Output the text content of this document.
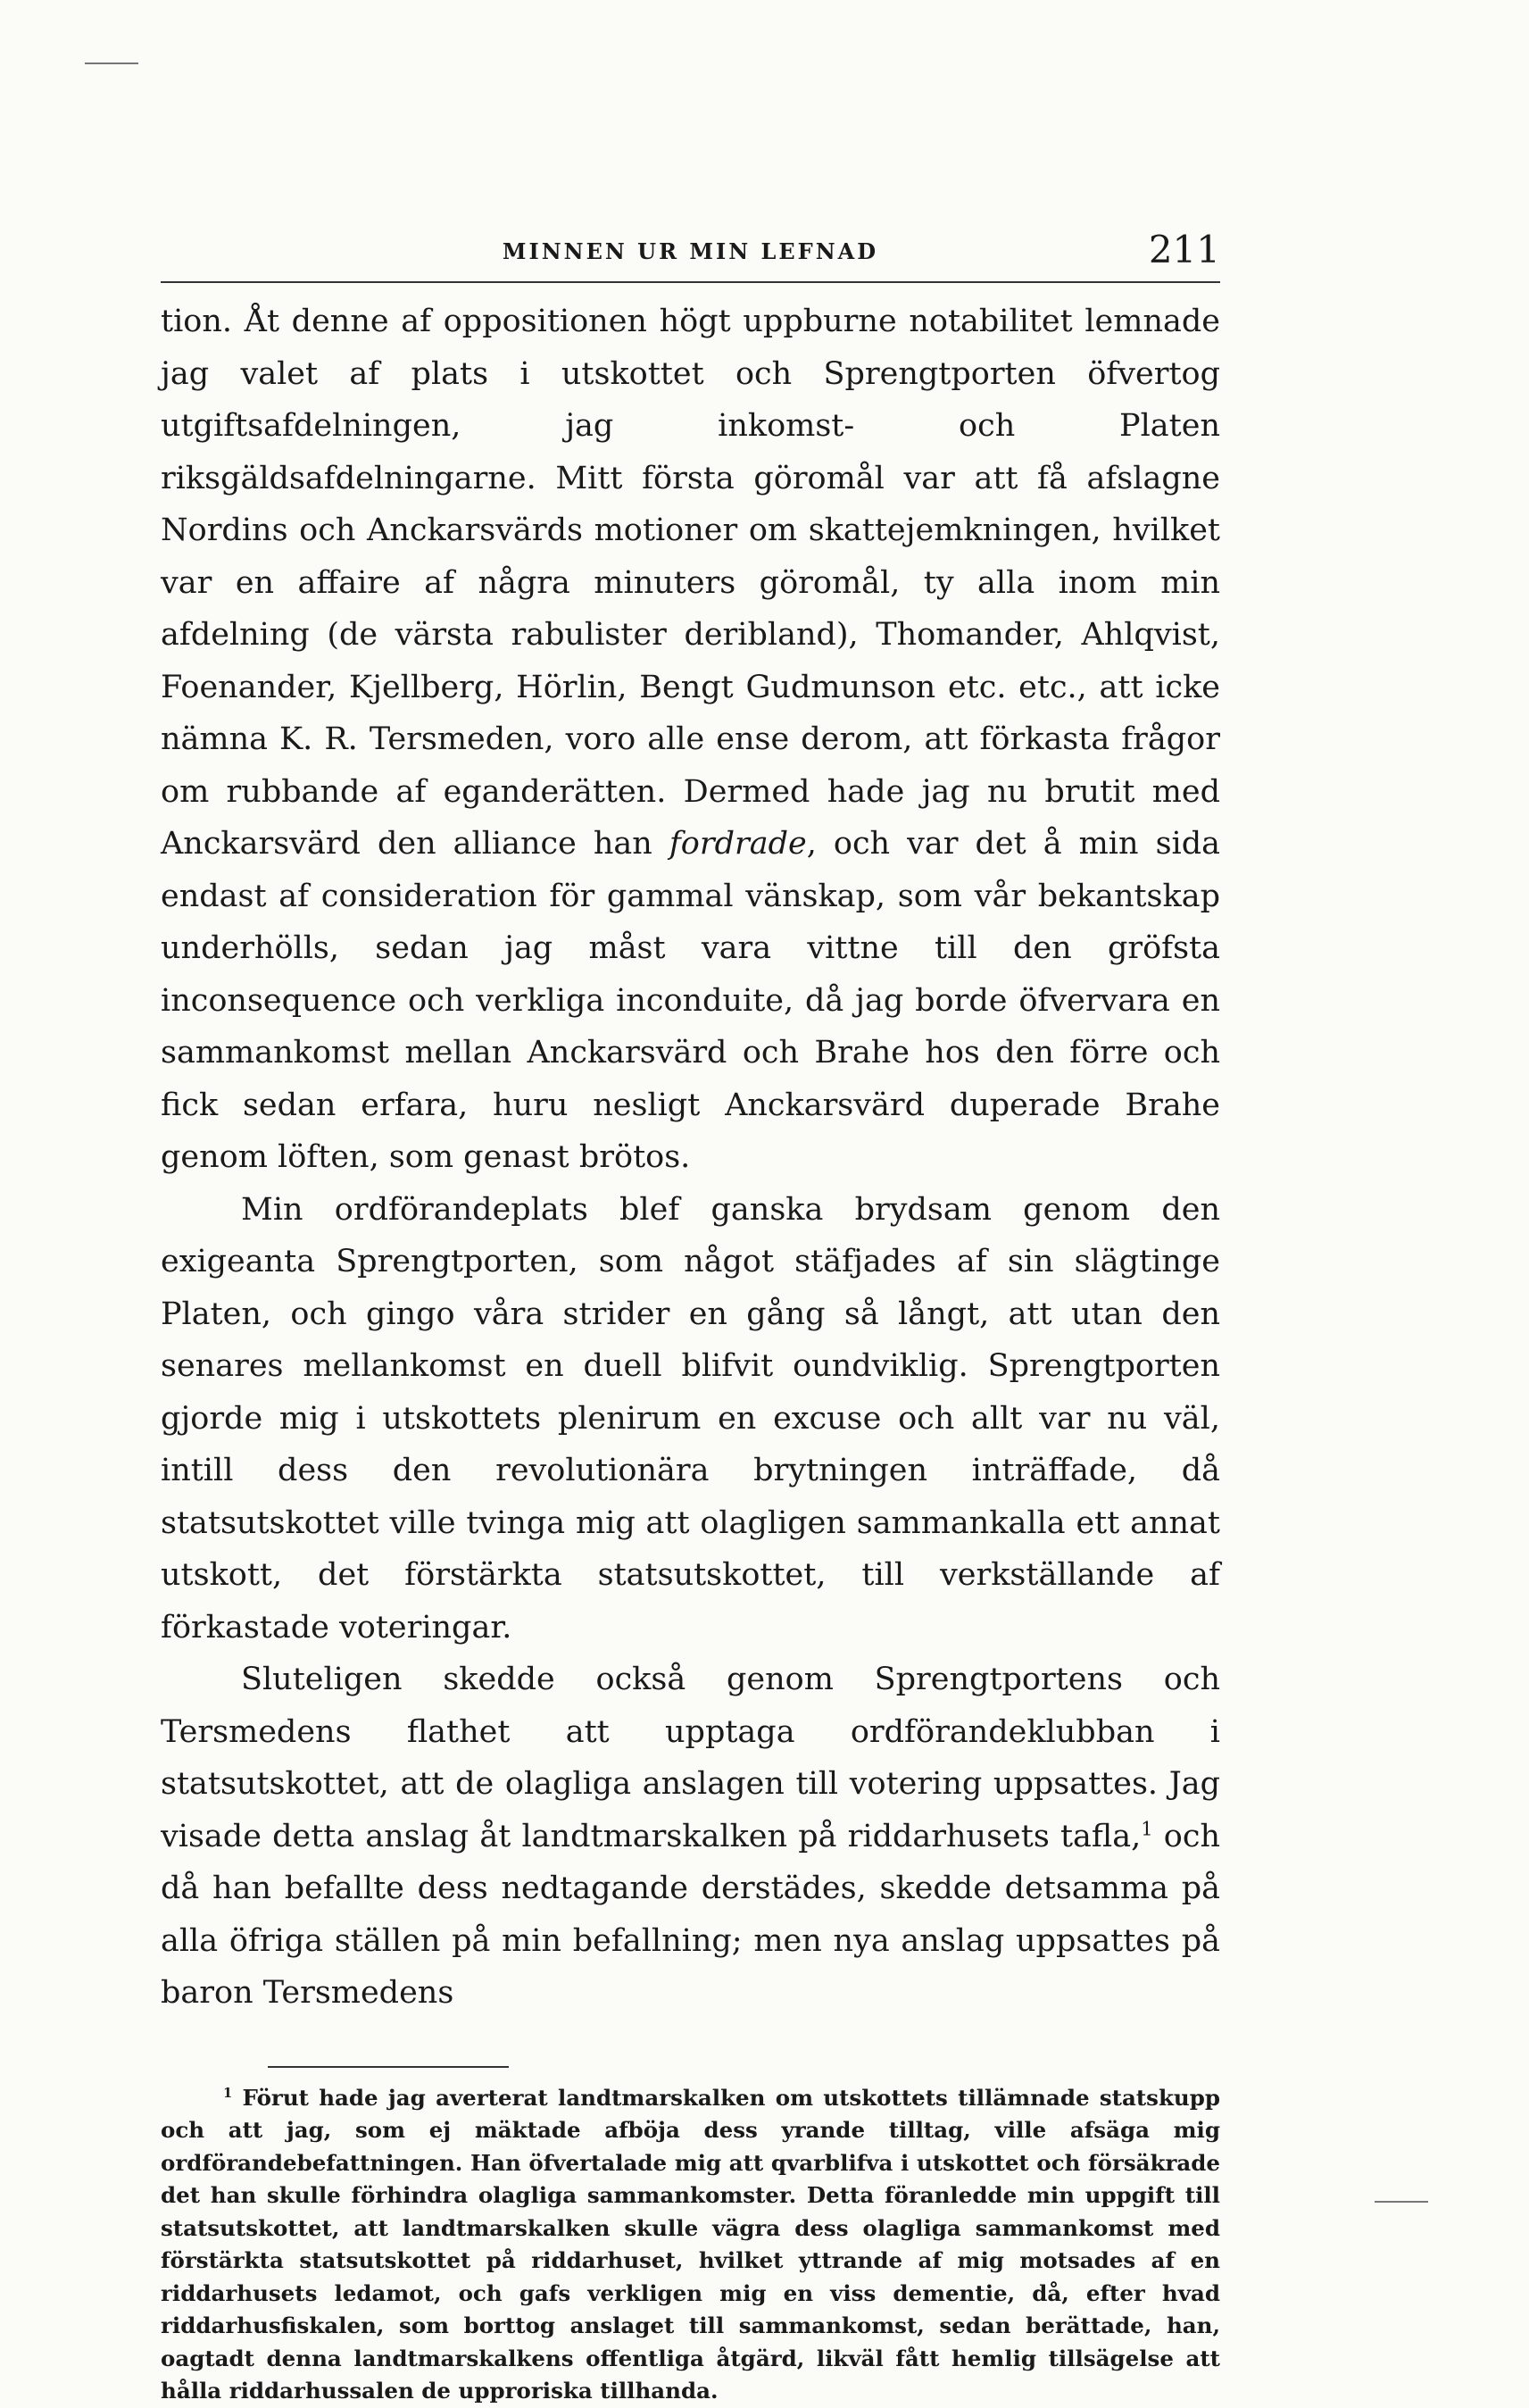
MINNEN UR MIN LEFNAD	211

tion. Åt denne af oppositionen högt uppburne notabilitet lemnade jag valet af plats i utskottet och Sprengtporten öfvertog utgiftsafdelningen, jag inkomst- och Platen riksgäldsafdelningarne. Mitt första göromål var att få afslagne Nordins och Anckarsvärds motioner om skattejemkningen, hvilket var en affaire af några minuters göromål, ty alla inom min afdelning (de värsta rabulister deribland), Thomander, Ahlqvist, Foenander, Kjellberg, Hörlin, Bengt Gudmunson etc. etc., att icke nämna K. R. Tersmeden, voro alle ense derom, att förkasta frågor om rubbande af eganderätten. Dermed hade jag nu brutit med Anckarsvärd den alliance han fordrade, och var det å min sida endast af consideration för gammal vänskap, som vår bekantskap underhölls, sedan jag måst vara vittne till den gröfsta inconsequence och verkliga inconduite, då jag borde öfvervara en sammankomst mellan Anckarsvärd och Brahe hos den förre och fick sedan erfara, huru nesligt Anckarsvärd duperade Brahe genom löften, som genast brötos.

Min ordförandeplats blef ganska brydsam genom den exigeanta Sprengtporten, som något stäfjades af sin slägtinge Platen, och gingo våra strider en gång så långt, att utan den senares mellankomst en duell blifvit oundviklig. Sprengtporten gjorde mig i utskottets plenirum en excuse och allt var nu väl, intill dess den revolutionära brytningen inträffade, då statsutskottet ville tvinga mig att olagligen sammankalla ett annat utskott, det förstärkta statsutskottet, till verkställande af förkastade voteringar.

Sluteligen skedde också genom Sprengtportens och Tersmedens flathet att upptaga ordförandeklubban i statsutskottet, att de olagliga anslagen till votering uppsattes. Jag visade detta anslag åt landtmarskalken på riddarhusets tafla,$^1$ och då han befallte dess nedtagande derstädes, skedde detsamma på alla öfriga ställen på min befallning; men nya anslag uppsattes på baron Tersmedens

$^1$ Förut hade jag averterat landtmarskalken om utskottets tillämnade statskupp och att jag, som ej mäktade afböja dess yrande tilltag, ville afsäga mig ordförandebefattningen. Han öfvertalade mig att qvarblifva i utskottet och försäkrade det han skulle förhindra olagliga sammankomster. Detta föranledde min uppgift till statsutskottet, att landtmarskalken skulle vägra dess olagliga sammankomst med förstärkta statsutskottet på riddarhuset, hvilket yttrande af mig motsades af en riddarhusets ledamot, och gafs verkligen mig en viss dementie, då, efter hvad riddarhusfiskalen, som borttog anslaget till sammankomst, sedan berättade, han, oagtadt denna landtmarskalkens offentliga åtgärd, likväl fått hemlig tillsägelse att hålla riddarhussalen de upproriska tillhanda.
